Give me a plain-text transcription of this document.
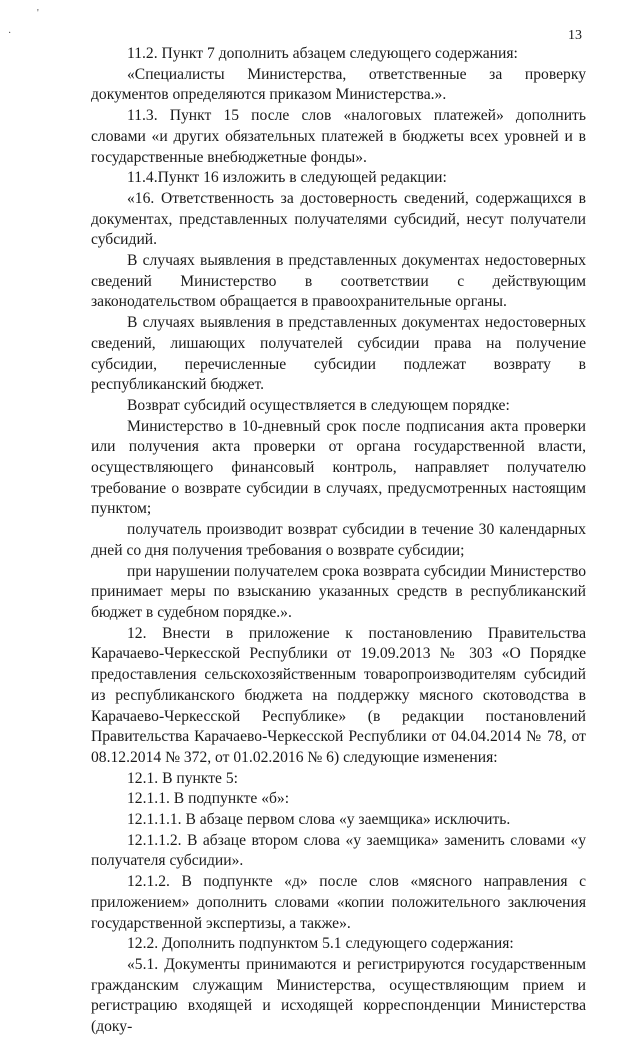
'
·	13

11.2. Пункт 7 дополнить абзацем следующего содержания:

«Специалисты Министерства, ответственные за проверку документов определяются приказом Министерства.».

11.3. Пункт 15 после слов «налоговых платежей» дополнить словами «и других обязательных платежей в бюджеты всех уровней и в государственные внебюджетные фонды».

11.4.Пункт 16 изложить в следующей редакции:

«16. Ответственность за достоверность сведений, содержащихся в документах, представленных получателями субсидий, несут получатели субсидий.

В случаях выявления в представленных документах недостоверных сведений Министерство в соответствии с действующим законодательством обращается в правоохранительные органы.

В случаях выявления в представленных документах недостоверных сведений, лишающих получателей субсидии права на получение субсидии, перечисленные субсидии подлежат возврату в республиканский бюджет.

Возврат субсидий осуществляется в следующем порядке:

Министерство в 10-дневный срок после подписания акта проверки или получения акта проверки от органа государственной власти, осуществляющего финансовый контроль, направляет получателю требование о возврате субсидии в случаях, предусмотренных настоящим пунктом;

получатель производит возврат субсидии в течение 30 календарных дней со дня получения требования о возврате субсидии;

при нарушении получателем срока возврата субсидии Министерство принимает меры по взысканию указанных средств в республиканский бюджет в судебном порядке.».

12. Внести в приложение к постановлению Правительства Карачаево-Черкесской Республики от 19.09.2013 № 303 «О Порядке предоставления сельскохозяйственным товаропроизводителям субсидий из республиканского бюджета на поддержку мясного скотоводства в Карачаево-Черкесской Республике» (в редакции постановлений Правительства Карачаево-Черкесской Республики от 04.04.2014 № 78, от 08.12.2014 № 372, от 01.02.2016 № 6) следующие изменения:

12.1. В пункте 5:

12.1.1. В подпункте «б»:

12.1.1.1. В абзаце первом слова «у заемщика» исключить.

12.1.1.2. В абзаце втором слова «у заемщика» заменить словами «у получателя субсидии».

12.1.2. В подпункте «д» после слов «мясного направления с приложением» дополнить словами «копии положительного заключения государственной экспертизы, а также».

12.2. Дополнить подпунктом 5.1 следующего содержания:

«5.1. Документы принимаются и регистрируются государственным гражданским служащим Министерства, осуществляющим прием и регистрацию входящей и исходящей корреспонденции Министерства (доку-
